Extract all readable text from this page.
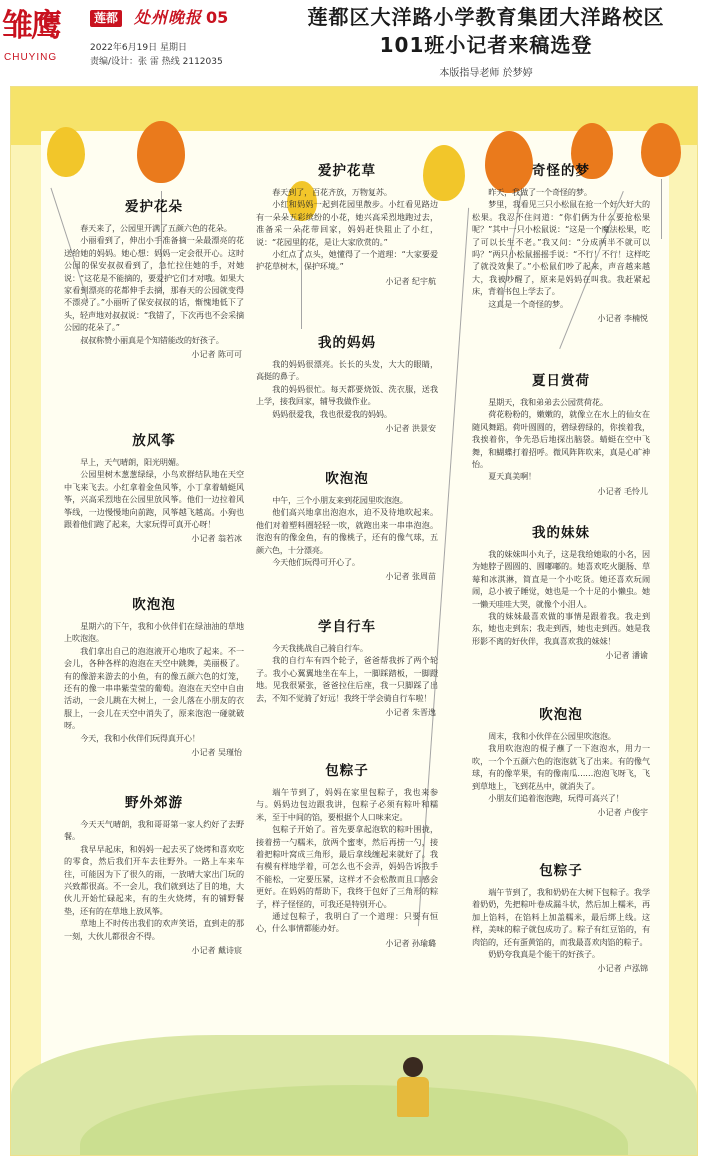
雏鹰
CHUYING
莲都 处州晚报 05
2022年6月19日 星期日
责编/设计：张 雷 热线 2112035
莲都区大洋路小学教育集团大洋路校区
101班小记者来稿选登
本版指导老师 於梦婷
爱护花朵

春天来了，公园里开满了五颜六色的花朵。

小丽看到了，伸出小手准备摘一朵最漂亮的花送给她的妈妈。她心想：妈妈一定会很开心。这时公园的保安叔叔看到了，急忙拉住她的手，对她说：“这花是不能摘的，要爱护它们才对哦。如果大家看到漂亮的花都伸手去摘，那春天的公园就变得不漂亮了。”小丽听了保安叔叔的话，惭愧地低下了头，轻声地对叔叔说：“我错了，下次再也不会采摘公园的花朵了。”

叔叔称赞小丽真是个知错能改的好孩子。

小记者 陈可可
放风筝

早上，天气晴朗，阳光明媚。

公园里树木葱葱绿绿，小鸟欢群结队地在天空中飞来飞去。小红拿着金鱼风筝，小丁拿着蜻蜓风筝，兴高采烈地在公园里放风筝。他们一边拉着风筝线，一边慢慢地向前跑，风筝越飞越高。小狗也跟着他们跑了起来，大家玩得可真开心呀！

小记者 翁若冰
吹泡泡

星期六的下午，我和小伙伴们在绿油油的草地上吹泡泡。

我们拿出自己的泡泡液开心地吹了起来。不一会儿，各种各样的泡泡在天空中跳舞，美丽极了。有的像游来游去的小鱼，有的像五颜六色的灯笼，还有的像一串串紫莹莹的葡萄。泡泡在天空中自由活动，一会儿跳在大树上，一会儿落在小朋友的衣服上，一会儿在天空中消失了，原来泡泡一碰就破呀。

今天，我和小伙伴们玩得真开心！

小记者 吴瑾怡
野外郊游

今天天气晴朗，我和哥哥第一家人约好了去野餐。

我早早起床，和妈妈一起去买了烧烤和喜欢吃的零食，然后我们开车去往野外。一路上车来车往，可能因为下了很久的雨，一放晴大家出门玩的兴致都很高。不一会儿，我们就到达了目的地，大伙儿开始忙碌起来，有的生火烧烤，有的铺野餐垫，还有的在草地上放风筝。

草地上不时传出我们的欢声笑语，直到走的那一刻，大伙儿都很舍不得。

小记者 戴诗宸
爱护花草

春天到了，百花齐放，万物复苏。

小红和妈妈一起到花园里散步。小红看见路边有一朵朵五彩缤纷的小花，她兴高采烈地跑过去，准备采一朵花带回家，妈妈赶快阻止了小红，说：“花园里的花，是让大家欣赏的。”

小红点了点头，她懂得了一个道理：“大家要爱护花草树木，保护环境。”

小记者 纪宇航
我的妈妈

我的妈妈很漂亮。长长的头发，大大的眼睛，高挺的鼻子。

我的妈妈很忙。每天都要烧饭、洗衣服，送我上学，接我回家，辅导我做作业。

妈妈很爱我，我也很爱我的妈妈。

小记者 洪景安
吹泡泡

中午，三个小朋友来到花园里吹泡泡。

他们高兴地拿出泡泡水，迫不及待地吹起来。他们对着塑料圈轻轻一吹，就跑出来一串串泡泡。泡泡有的像金鱼，有的像桃子，还有的像气球，五颜六色，十分漂亮。

今天他们玩得可开心了。

小记者 张周苗
学自行车

今天我挑战自己骑自行车。

我的自行车有四个轮子，爸爸帮我拆了两个轮子。我小心翼翼地坐在车上，一脚踩踏板，一脚蹬地。见我很紧张，爸爸拉住后座，我一只脚踩了出去，不知不觉骑了好远！我终于学会骑自行车啦！

小记者 朱晋逸
包粽子

端午节到了，妈妈在家里包粽子，我也来参与。妈妈边包边跟我讲，包粽子必须有粽叶和糯米，至于中间的馅，要根据个人口味来定。

包粽子开始了。首先要拿起泡软的粽叶围拢，接着捞一勺糯米，放两个蜜枣，然后再捞一勺，接着把粽叶窝成三角形，最后拿线缠起来就好了。我有模有样地学着，可怎么也不会弄，妈妈告诉我手不能松，一定要压紧，这样才不会松散而且口感会更好。在妈妈的帮助下，我终于包好了三角形的粽子，样子怪怪的，可我还是特别开心。

通过包粽子，我明白了一个道理：只要有恒心，什么事情都能办好。

小记者 孙瑜璐
奇怪的梦

昨天，我做了一个奇怪的梦。

梦里，我看见三只小松鼠在抢一个好大好大的松果。我忍不住问道：“你们俩为什么要抢松果呢？”其中一只小松鼠说：“这是一个魔法松果，吃了可以长生不老。”我又问：“分成两半不就可以吗？”两只小松鼠摇摇手说：“不行！不行！这样吃了就没效果了。”小松鼠们吵了起来，声音越来越大，我被吵醒了，原来是妈妈在叫我。我赶紧起床，背着书包上学去了。

这真是一个奇怪的梦。

小记者 李楠悦
夏日赏荷

星期天，我和弟弟去公园赏荷花。

荷花粉粉的，嫩嫩的，就像立在水上的仙女在随风舞蹈。荷叶圆圆的，碧绿碧绿的，你挨着我，我挨着你，争先恐后地探出脑袋。蜻蜓在空中飞舞，和蝴蝶打着招呼。微风阵阵吹来，真是心旷神怡。

夏天真美啊！

小记者 毛怜儿
我的妹妹

我的妹妹叫小丸子，这是我给她取的小名，因为她脖子圆圆的、圆嘟嘟的。她喜欢吃火腿肠、草莓和冰淇淋，简直是一个小吃货。她还喜欢玩闹闹，总小被子睡觉，她也是一个十足的小懒虫。她一懒天哇哇大哭，就像个小泪人。

我的妹妹最喜欢做的事情是跟着我。我走到东，她也走到东；我走到西，她也走到西。她是我形影不离的好伙伴，我真喜欢我的妹妹！

小记者 潘谕
吹泡泡

周末，我和小伙伴在公园里吹泡泡。

我用吹泡泡的棍子蘸了一下泡泡水，用力一吹，一个个五颜六色的泡泡就飞了出来。有的像气球，有的像苹果，有的像南瓜……泡泡飞呀飞，飞到草地上，飞到花丛中，就消失了。

小朋友们追着泡泡跑，玩得可高兴了！

小记者 卢俊宇
包粽子

端午节到了，我和奶奶在大树下包粽子。我学着奶奶，先把粽叶卷成漏斗状，然后加上糯米，再加上馅料，在馅料上加盖糯米，最后绑上线。这样，美味的粽子就包成功了。粽子有红豆馅的，有肉馅的，还有蛋黄馅的，而我最喜欢肉馅的粽子。

奶奶夸我真是个能干的好孩子。

小记者 卢泓锦
